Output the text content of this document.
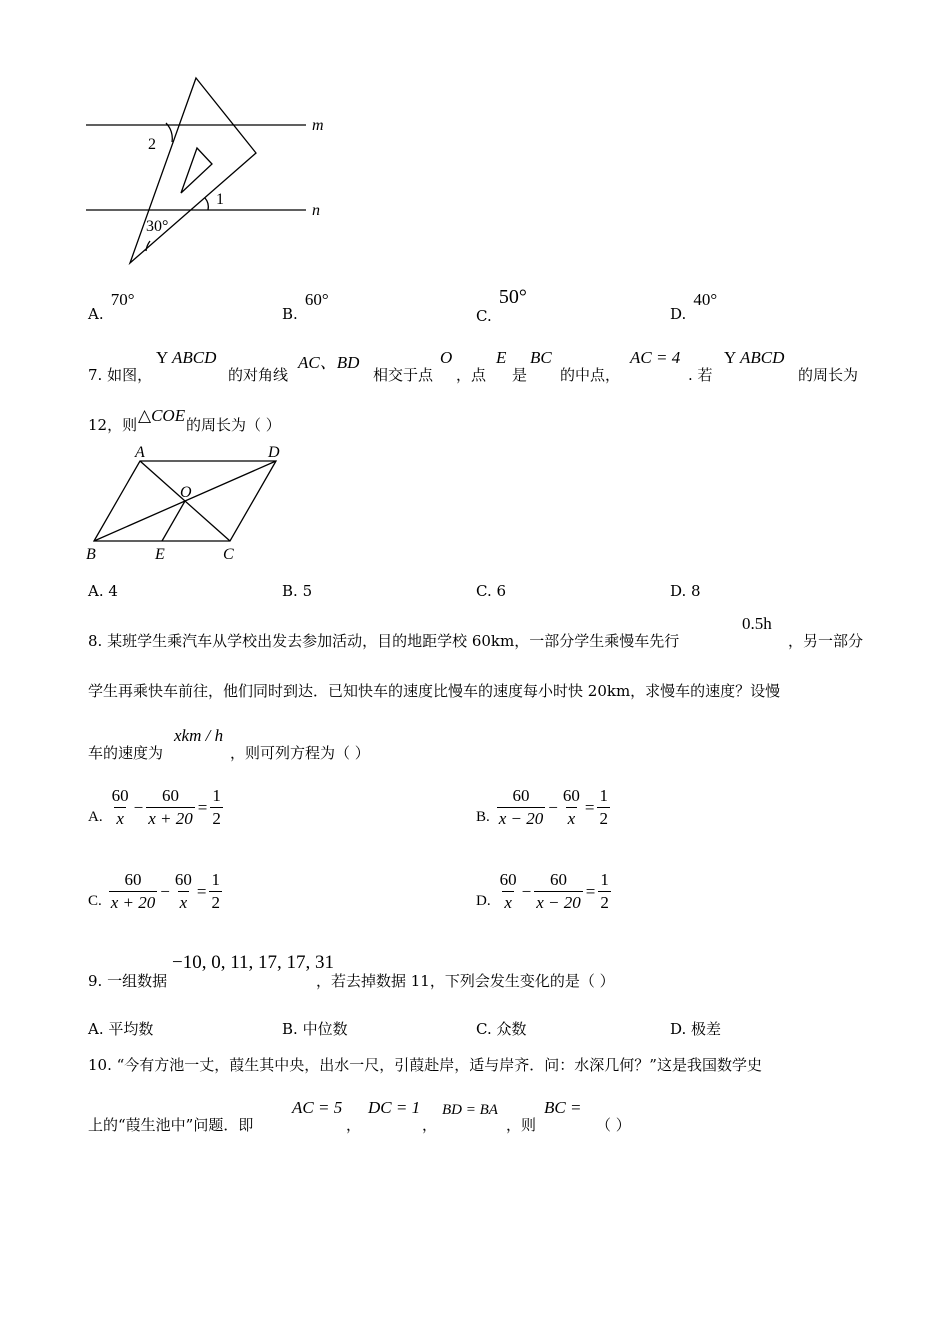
m
n
2
1
30°
A. 70°
B. 60°
C. 50°
D. 40°
7. 如图，
Y ABCD
的对角线
AC、BD
相交于点
O
，点
E
是
BC
的中点，
AC = 4
. 若
Y ABCD
的周长为
12，则 △COE 的周长为（ ）
A	D
O
B	E	C
A. 4	B. 5	C. 6	D. 8
8. 某班学生乘汽车从学校出发去参加活动，目的地距学校 60km，一部分学生乘慢车先行
0.5h
，另一部分
学生再乘快车前往，他们同时到达．已知快车的速度比慢车的速度每小时快 20km，求慢车的速度？设慢
车的速度为
xkm / h
，则可列方程为（ ）
A. $\frac{60}{x} - \frac{60}{x + 20} = \frac{1}{2}$	B. $\frac{60}{x - 20} - \frac{60}{x} = \frac{1}{2}$
C. $\frac{60}{x + 20} - \frac{60}{x} = \frac{1}{2}$	D. $\frac{60}{x} - \frac{60}{x - 20} = \frac{1}{2}$
9. 一组数据
−10, 0, 11, 17, 17, 31
，若去掉数据 11，下列会发生变化的是（ ）
A. 平均数	B. 中位数	C. 众数	D. 极差
10. “今有方池一丈，葭生其中央，出水一尺，引葭赴岸，适与岸齐．问：水深几何？”这是我国数学史
上的“葭生池中”问题．即
AC = 5
，
DC = 1
，
BD = BA
，则
BC =
（ ）
